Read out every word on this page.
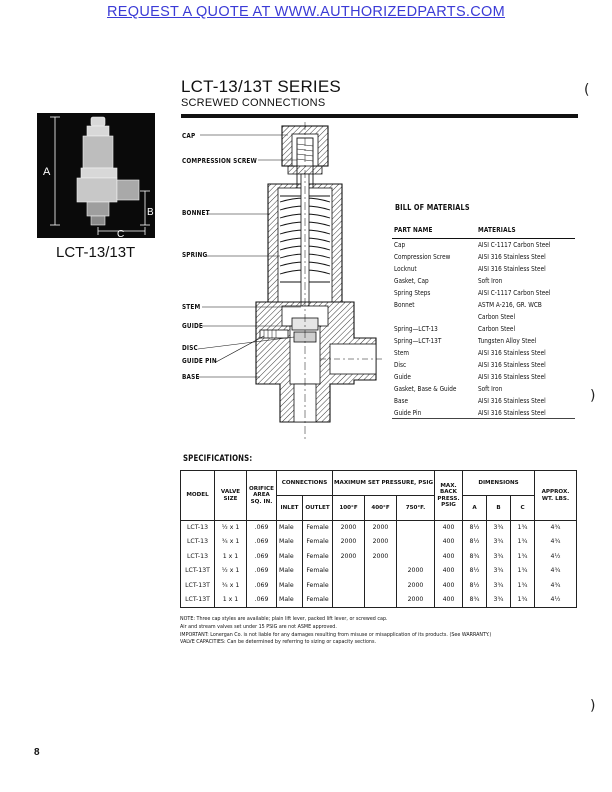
REQUEST A QUOTE AT WWW.AUTHORIZEDPARTS.COM
LCT-13/13T SERIES
SCREWED CONNECTIONS
A
B
C
LCT-13/13T
CAP
COMPRESSION SCREW
BONNET
SPRING
STEM
GUIDE
DISC
GUIDE PIN
BASE
BILL OF MATERIALS
PART NAME	MATERIALS
Cap	AISI C-1117 Carbon Steel
Compression Screw	AISI 316 Stainless Steel
Locknut	AISI 316 Stainless Steel
Gasket, Cap	Soft Iron
Spring Steps	AISI C-1117 Carbon Steel
Bonnet	ASTM A-216, GR. WCB
Carbon Steel
Spring—LCT-13	Carbon Steel
Spring—LCT-13T	Tungsten Alloy Steel
Stem	AISI 316 Stainless Steel
Disc	AISI 316 Stainless Steel
Guide	AISI 316 Stainless Steel
Gasket, Base & Guide	Soft Iron
Base	AISI 316 Stainless Steel
Guide Pin	AISI 316 Stainless Steel
SPECIFICATIONS:
MODEL	VALVE SIZE	ORIFICE AREA SQ. IN.	CONNECTIONS		MAXIMUM SET PRESSURE, PSIG			MAX. BACK PRESS. PSIG	DIMENSIONS			APPROX. WT. LBS.
			INLET	OUTLET	100°F	400°F	750°F.		A	B	C	
LCT-13	½ x 1	.069	Male	Female	2000	2000		400	8½	3¾	1¾	4¾
LCT-13	¾ x 1	.069	Male	Female	2000	2000		400	8½	3¾	1¾	4¾
LCT-13	1 x 1	.069	Male	Female	2000	2000		400	8¾	3¾	1¾	4½
LCT-13T	½ x 1	.069	Male	Female			2000	400	8½	3¾	1¾	4¾
LCT-13T	¾ x 1	.069	Male	Female			2000	400	8½	3¾	1¾	4¾
LCT-13T	1 x 1	.069	Male	Female			2000	400	8¾	3¾	1¾	4½

NOTE: Three cap styles are available; plain lift lever, packed lift lever, or screwed cap.

Air and stream valves set under 15 PSIG are not ASME approved.

IMPORTANT: Lonergan Co. is not liable for any damages resulting from misuse or misapplication of its products. (See WARRANTY.)

VALVE CAPACITIES: Can be determined by referring to sizing or capacity sections.

(
)
)
8
